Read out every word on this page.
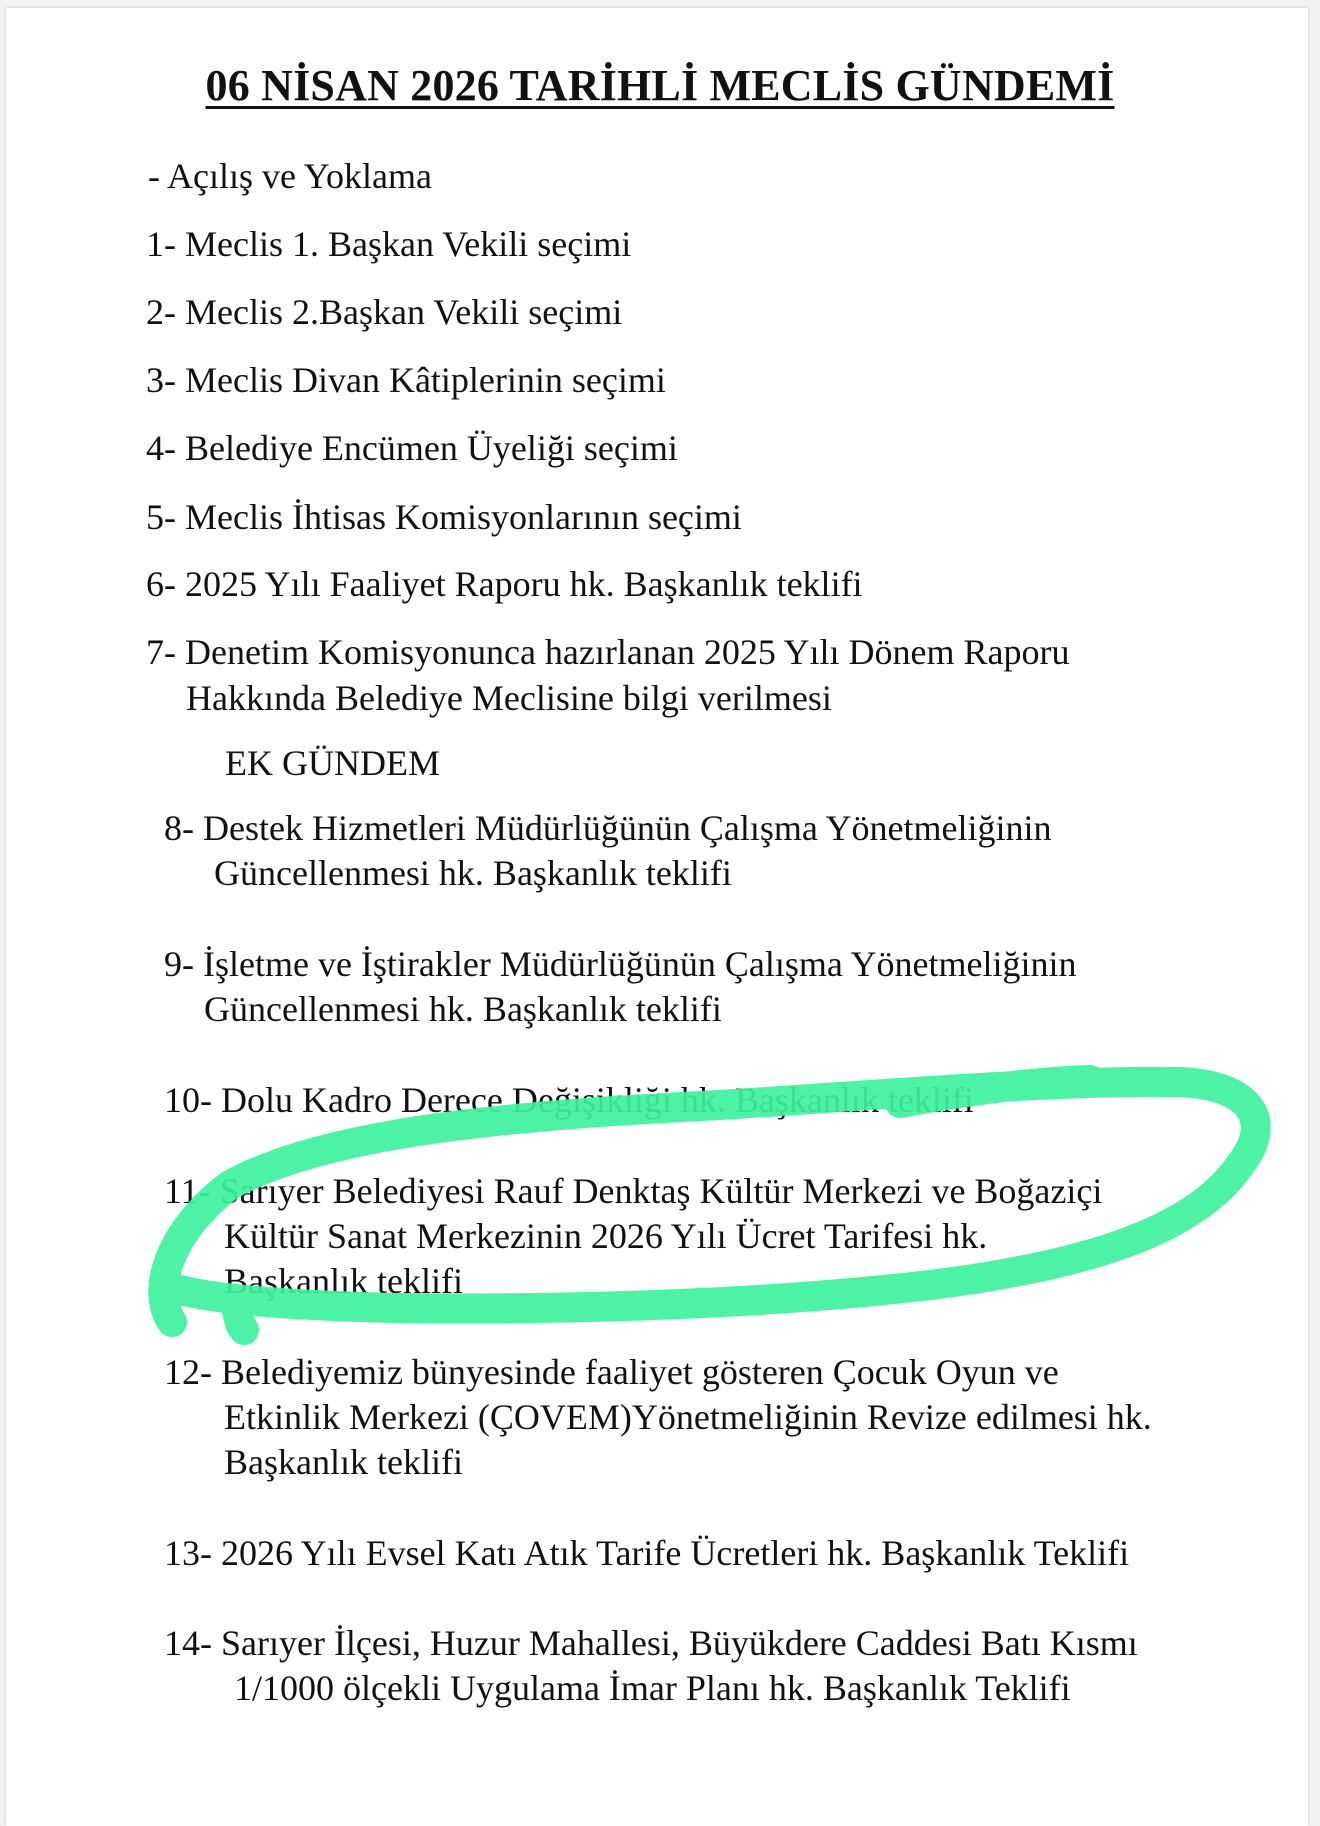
06 NİSAN 2026 TARİHLİ MECLİS GÜNDEMİ

- Açılış ve Yoklama

1- Meclis 1. Başkan Vekili seçimi

2- Meclis 2.Başkan Vekili seçimi

3- Meclis Divan Kâtiplerinin seçimi

4- Belediye Encümen Üyeliği seçimi

5- Meclis İhtisas Komisyonlarının seçimi

6- 2025 Yılı Faaliyet Raporu hk. Başkanlık teklifi

7- Denetim Komisyonunca hazırlanan 2025 Yılı Dönem Raporu

Hakkında Belediye Meclisine bilgi verilmesi

EK GÜNDEM

8- Destek Hizmetleri Müdürlüğünün Çalışma Yönetmeliğinin

Güncellenmesi hk. Başkanlık teklifi

9- İşletme ve İştirakler Müdürlüğünün Çalışma Yönetmeliğinin

Güncellenmesi hk. Başkanlık teklifi

10- Dolu Kadro Derece Değişikliği hk. Başkanlık teklifi

11- Sarıyer Belediyesi Rauf Denktaş Kültür Merkezi ve Boğaziçi

Kültür Sanat Merkezinin 2026 Yılı Ücret Tarifesi hk.

Başkanlık teklifi

12- Belediyemiz bünyesinde faaliyet gösteren Çocuk Oyun ve

Etkinlik Merkezi (ÇOVEM)Yönetmeliğinin Revize edilmesi hk.

Başkanlık teklifi

13- 2026 Yılı Evsel Katı Atık Tarife Ücretleri hk. Başkanlık Teklifi

14- Sarıyer İlçesi, Huzur Mahallesi, Büyükdere Caddesi Batı Kısmı

1/1000 ölçekli Uygulama İmar Planı hk. Başkanlık Teklifi
